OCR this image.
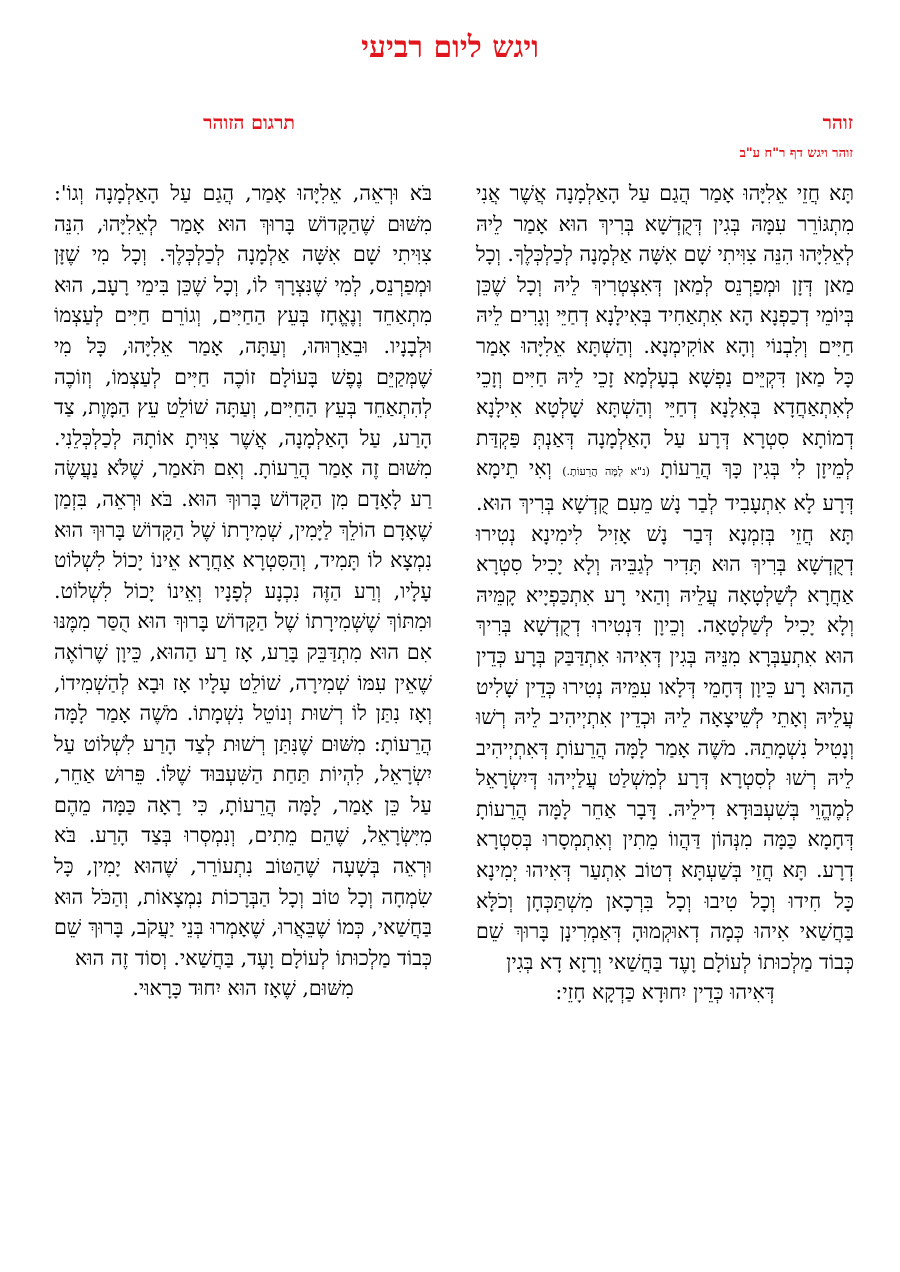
ויגש ליום רביעי
זוהר
תרגום הזוהר
זוהר ויגש דף ר"ח ע"ב

תָּא חֲזֵי אֵלִיָּהוּ אָמַר הֲגַם עַל הָאַלְמָנָה אֲשֶׁר אֲנִי מִתְגּוֹרֵר עִמָּהּ בְּגִין דְּקֻדְשָׁא בְּרִיךְ הוּא אָמַר לֵיהּ לְאֵלִיָּהוּ הִנֵּה צִוִּיתִי שָׁם אִשָּׁה אַלְמָנָה לְכַלְכְּלֶךָ. וְכָל מַאן דְּזָן וּמְפַרְנֵס לְמַאן דְּאִצְטְרִיךְ לֵיהּ וְכָל שֶׁכֵּן בְּיוֹמֵי דְכַפְנָא הָא אִתְאַחִיד בְּאִילָנָא דְחַיֵּי וְגָרִים לֵיהּ חַיִּים וְלִבְנוֹי וְהָא אוֹקִימְנָא. וְהַשְׁתָּא אֵלִיָּהוּ אָמַר כָּל מַאן דִּקְיֵּים נַפְשָׁא בְעָלְמָא זָכֵי לֵיהּ חַיִּים וְזָכֵי לְאִתְאַחֲדָא בְּאִלָנָא דְחַיֵּי וְהַשְׁתָּא שָׁלְטָא אִילָנָא דְמוֹתָא סִטְרָא דְּרָע עַל הָאַלְמָנָה דְּאַנְתְּ פַּקְדַּת לְמֵיזָן לִי בְּגִין כָּךְ הֲרֵעוֹתָ (נ"א לָמָּה הֲרֵעוֹתָ.) וְאִי תֵימָא דְּרָע לָא אִתְעָבִיד לְבַר נָשׁ מֵעִם קֻדְשָׁא בְּרִיךְ הוּא. תָּא חֲזֵי בְּזִמְנָא דְּבַר נָשׁ אָזִיל לִימִינָא נְטִירוּ דְקֻדְשָׁא בְּרִיךְ הוּא תָּדִיר לְגַבֵּיהּ וְלָא יָכִיל סִטְרָא אַחֲרָא לְשַׁלְטָאָה עֲלֵיהּ וְהַאי רָע אִתְכַּפְיָיא קָמֵּיהּ וְלָא יָכִיל לְשַׁלְטָאָה. וְכֵיוָן דִּנְטִירוּ דְקֻדְשָׁא בְּרִיךְ הוּא אִתְעַבְּרָא מִנֵּיהּ בְּגִין דְּאִיהוּ אִתְדַּבַּק בְּרָע כְּדֵין הַהוּא רָע כֵּיוָן דְּחָמֵי דְּלָאו עִמֵּיהּ נְטִירוּ כְּדֵין שָׁלִיט עֲלֵיהּ וְאָתֵי לְשֵׁיצָאָה לֵיהּ וּכְדֵין אִתְיְיהִיב לֵיהּ רְשׁוּ וְנָטִיל נִשְׁמָתֵהּ. מֹשֶׁה אָמַר לָמָּה הֲרֵעוֹתָ דְּאִתְיְיהִיב לֵיהּ רְשׁוּ לְסִטְרָא דְּרָע לְמִשְׁלַט עֲלַיְיהוּ דְּיִשְׂרָאֵל לְמֶהֱוֵי בְּשִׁעְבּוּדָא דִילֵיהּ. דָּבָר אַחֵר לָמָּה הֲרֵעוֹתָ דְּחָמָא כַּמָּה מִנְּהוֹן דַּהֲווֹ מֵתִין וְאִתְמְסָרוּ בְּסִטְרָא דְרָע. תָּא חֲזֵי בְּשַׁעְתָּא דְטוֹב אִתְעַר דְּאִיהוּ יְמִינָא כָּל חִידוּ וְכָל טִיבוּ וְכָל בִּרְכָאן מִשְׁתַּכְּחָן וְכֹלָּא בַּחֲשַׁאי אִיהוּ כְּמָה דְאוּקְמוּהָ דְּאַמְרִינָן בָּרוּךְ שֵׁם כְּבוֹד מַלְכוּתוֹ לְעוֹלָם וָעֶד בַּחֲשַׁאי וְרָזָא דָא בְּגִין

דְּאִיהוּ כְּדֵין יִחוּדָא כַּדְקָא חָזֵי:

בֹּא וּרְאֵה, אֵלִיָּהוּ אָמַר, הֲגַם עַל הָאַלְמָנָה וְגוֹ': מִשּׁוּם שֶׁהַקָּדוֹשׁ בָּרוּךְ הוּא אָמַר לְאֵלִיָּהוּ, הִנֵּה צִוִּיתִי שָׁם אִשָּׁה אַלְמָנָה לְכַלְכְּלֶךָ. וְכָל מִי שֶׁזָּן וּמְפַרְנֵס, לְמִי שֶׁנִּצְרָךְ לוֹ, וְכָל שֶׁכֵּן בִּימֵי רָעָב, הוּא מִתְאַחֵד וְנֶאֱחָז בְּעֵץ הַחַיִּים, וְגוֹרֵם חַיִּים לְעַצְמוֹ וּלְבָנָיו. וּבֵאַרְוּהוּ, וְעַתָּה, אָמַר אֵלִיָּהוּ, כָּל מִי שֶׁמְּקַיֵּם נֶפֶשׁ בָּעוֹלָם זוֹכֶה חַיִּים לְעַצְמוֹ, וְזוֹכֶה לְהִתְאַחֵד בְּעֵץ הַחַיִּים, וְעַתָּה שׁוֹלֵט עֵץ הַמָּוֶת, צַד הָרַע, עַל הָאַלְמָנָה, אֲשֶׁר צִוִּיתָ אוֹתָהּ לְכַלְכְּלֵנִי. מִשּׁוּם זֶה אָמַר הֲרֵעוֹתָ. וְאִם תֹּאמַר, שֶׁלֹּא נַעֲשֶׂה רַע לָאָדָם מִן הַקָּדוֹשׁ בָּרוּךְ הוּא. בֹּא וּרְאֵה, בִּזְמַן שֶׁאָדָם הוֹלֵךְ לַיָּמִין, שְׁמִירָתוֹ שֶׁל הַקָּדוֹשׁ בָּרוּךְ הוּא נִמְצָא לוֹ תָּמִיד, וְהַסִּטְרָא אַחֲרָא אֵינוֹ יָכוֹל לִשְׁלוֹט עָלָיו, וְרַע הַזֶּה נִכְנָע לְפָנָיו וְאֵינוֹ יָכוֹל לִשְׁלוֹט. וּמִתּוֹךְ שֶׁשְּׁמִירָתוֹ שֶׁל הַקָּדוֹשׁ בָּרוּךְ הוּא הֻסַּר מִמֶּנּוּ אִם הוּא מִתְדַּבֵּק בָּרַע, אָז רַע הַהוּא, כֵּיוָן שֶׁרוֹאֶה שֶׁאֵין עִמּוֹ שְׁמִירָה, שׁוֹלֵט עָלָיו אָז וּבָא לְהַשְׁמִידוֹ, וְאָז נִתַּן לוֹ רְשׁוּת וְנוֹטֵל נִשְׁמָתוֹ. מֹשֶׁה אָמַר לָמָּה הֲרֵעוֹתָ: מִשּׁוּם שֶׁנִּתַּן רְשׁוּת לְצַד הָרַע לִשְׁלוֹט עַל יִשְׂרָאֵל, לִהְיוֹת תַּחַת הַשִּׁעְבּוּד שֶׁלּוֹ. פֵּרוּשׁ אַחֵר, עַל כֵּן אָמַר, לָמָּה הֲרֵעוֹתָ, כִּי רָאָה כַּמָּה מֵהֶם מִיִּשְׂרָאֵל, שֶׁהֵם מֵתִים, וְנִמְסְרוּ בְּצַד הָרַע. בֹּא וּרְאֵה בְּשָׁעָה שֶׁהַטּוֹב נִתְעוֹרֵר, שֶׁהוּא יָמִין, כָּל שִׂמְחָה וְכָל טוֹב וְכָל הַבְּרָכוֹת נִמְצָאוֹת, וְהַכֹּל הוּא בַּחֲשַׁאי, כְּמוֹ שֶׁבֵּאֲרוּ, שֶׁאָמְרוּ בְּנֵי יַעֲקֹב, בָּרוּךְ שֵׁם כְּבוֹד מַלְכוּתוֹ לְעוֹלָם וָעֶד, בַּחֲשַׁאי. וְסוֹד זֶה הוּא

מִשּׁוּם, שֶׁאָז הוּא יִחוּד כָּרָאוּי.
